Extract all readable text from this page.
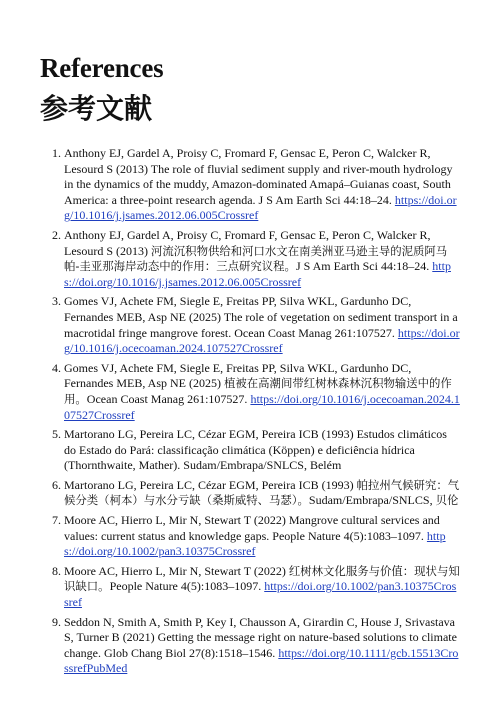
References
参考文献
1. Anthony EJ, Gardel A, Proisy C, Fromard F, Gensac E, Peron C, Walcker R, Lesourd S (2013) The role of fluvial sediment supply and river-mouth hydrology in the dynamics of the muddy, Amazon-dominated Amapá–Guianas coast, South America: a three-point research agenda. J S Am Earth Sci 44:18–24. https://doi.org/10.1016/j.jsames.2012.06.005Crossref
2. Anthony EJ, Gardel A, Proisy C, Fromard F, Gensac E, Peron C, Walcker R, Lesourd S (2013) 河流沉积物供给和河口水文在南美洲亚马逊主导的泥质阿马帕-圭亚那海岸动态中的作用：三点研究议程。J S Am Earth Sci 44:18–24. https://doi.org/10.1016/j.jsames.2012.06.005Crossref
3. Gomes VJ, Achete FM, Siegle E, Freitas PP, Silva WKL, Gardunho DC, Fernandes MEB, Asp NE (2025) The role of vegetation on sediment transport in a macrotidal fringe mangrove forest. Ocean Coast Manag 261:107527. https://doi.org/10.1016/j.ocecoaman.2024.107527Crossref
4. Gomes VJ, Achete FM, Siegle E, Freitas PP, Silva WKL, Gardunho DC, Fernandes MEB, Asp NE (2025) 植被在高潮间带红树林森林沉积物输送中的作用。Ocean Coast Manag 261:107527. https://doi.org/10.1016/j.ocecoaman.2024.107527Crossref
5. Martorano LG, Pereira LC, Cézar EGM, Pereira ICB (1993) Estudos climáticos do Estado do Pará: classificação climática (Köppen) e deficiência hídrica (Thornthwaite, Mather). Sudam/Embrapa/SNLCS, Belém
6. Martorano LG, Pereira LC, Cézar EGM, Pereira ICB (1993) 帕拉州气候研究：气候分类（柯本）与水分亏缺（桑斯威特、马瑟）。Sudam/Embrapa/SNLCS, 贝伦
7. Moore AC, Hierro L, Mir N, Stewart T (2022) Mangrove cultural services and values: current status and knowledge gaps. People Nature 4(5):1083–1097. https://doi.org/10.1002/pan3.10375Crossref
8. Moore AC, Hierro L, Mir N, Stewart T (2022) 红树林文化服务与价值：现状与知识缺口。People Nature 4(5):1083–1097. https://doi.org/10.1002/pan3.10375Crossref
9. Seddon N, Smith A, Smith P, Key I, Chausson A, Girardin C, House J, Srivastava S, Turner B (2021) Getting the message right on nature-based solutions to climate change. Glob Chang Biol 27(8):1518–1546. https://doi.org/10.1111/gcb.15513CrossrefPubMed
